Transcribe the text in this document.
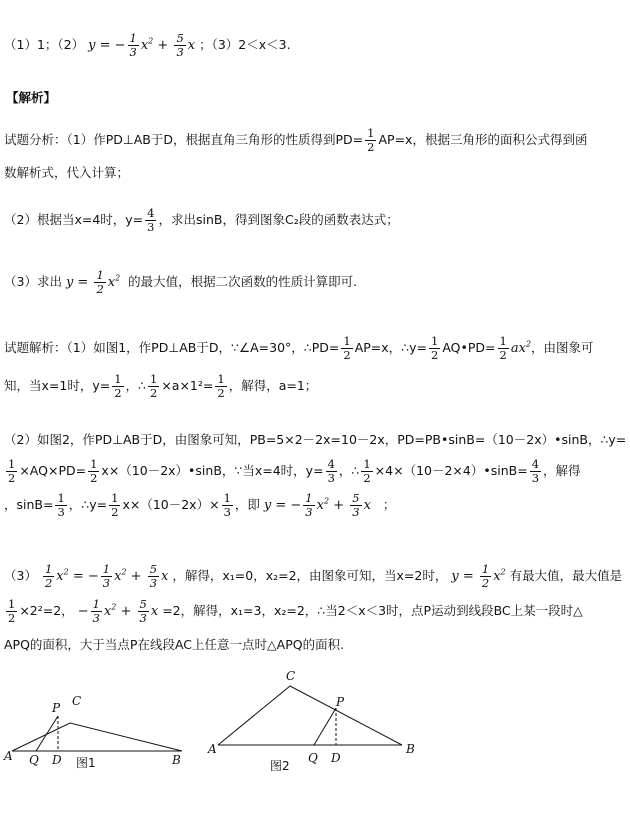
（1）1；（2） y = − $\frac{1}{3} x^2 + \frac{5}{3}$ x ；（3）2＜x＜3.
【解析】
试题分析：（1）作PD⊥AB于D，根据直角三角形的性质得到$PD= \frac{1}{2} AP=x$，根据三角形的面积公式得到函
数解析式，代入计算；
（2）根据当x=4时，$y= \frac{4}{3}$ ，求出sinB，得到图象C₂段的函数表达式；
（3）求出 $y = \frac{1}{2} x^2$ 的最大值，根据二次函数的性质计算即可.
试题解析：（1）如图1，作PD⊥AB于D，∵∠A=30°，∴PD= $\frac{1}{2} AP=x$，∴y= $\frac{1}{2}$ AQ•PD= $\frac{1}{2} ax^2$，由图象可
知，当x=1时，$y= \frac{1}{2}$ ，∴ $\frac{1}{2} \times a\times 1^2= \frac{1}{2}$ ，解得，a=1；
（2）如图2，作PD⊥AB于D，由图象可知，PB=5×2－2x=10－2x，PD=PB•sinB=（10－2x）•sinB，∴y=
$\frac{1}{2} \times AQ\times PD= \frac{1}{2}$ x×（10－2x）•sinB，∵当x=4时，$y= \frac{4}{3}$ ，∴ $\frac{1}{2}$ ×4×（10－2×4）•sinB= $\frac{4}{3}$ ，解得
，$\sin B= \frac{1}{3}$ ，∴y= $\frac{1}{2} x\times(10-2x)\times \frac{1}{3}$ ，即 y = − $\frac{1}{3} x^2 + \frac{5}{3}$ x ；
$(3) \frac{1}{2} x^2$ = − $\frac{1}{3} x^2 + \frac{5}{3}$ x ，解得，x₁=0，x₂=2，由图象可知，当x=2时， $y = \frac{1}{2} x^2$ 有最大值，最大值是
$\frac{1}{2} \times 2^2=2$， − $\frac{1}{3} x^2 + \frac{5}{3}$ x =2，解得，x₁=3，x₂=2，∴当2＜x＜3时，点P运动到线段BC上某一段时△
APQ的面积，大于当点P在线段AC上任意一点时△APQ的面积.
A Q D
P C
B
图1
A
Q D
P
C
B
图2
